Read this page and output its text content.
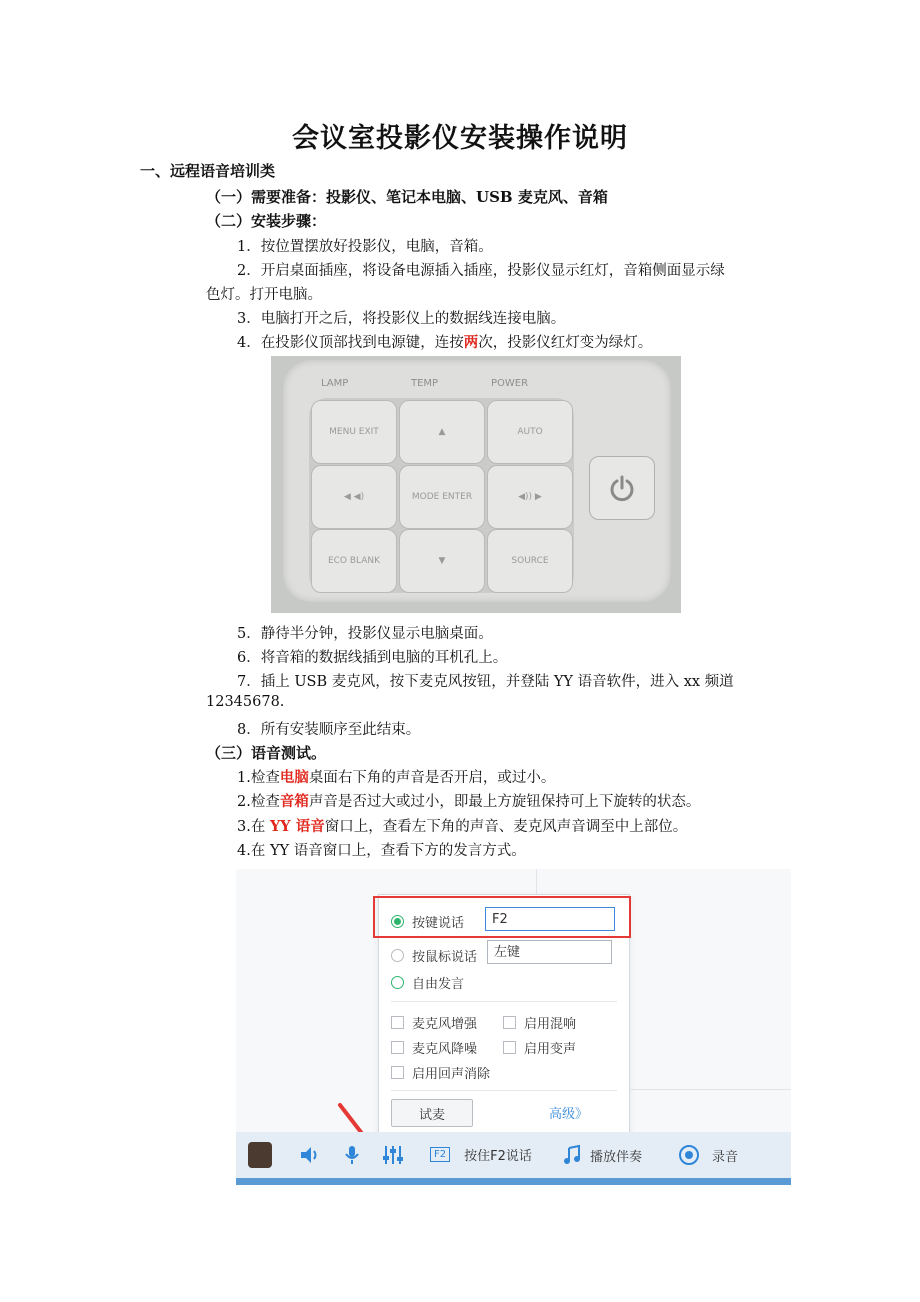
会议室投影仪安装操作说明
一、远程语音培训类
（一）需要准备：投影仪、笔记本电脑、USB 麦克风、音箱
（二）安装步骤：
1．按位置摆放好投影仪，电脑，音箱。
2．开启桌面插座，将设备电源插入插座，投影仪显示红灯，音箱侧面显示绿
色灯。打开电脑。
3．电脑打开之后，将投影仪上的数据线连接电脑。
4．在投影仪顶部找到电源键，连按两次，投影仪红灯变为绿灯。
LAMP	TEMP	POWER
MENU EXIT	▲	AUTO
◀ ◀)	MODE ENTER	◀)) ▶
ECO BLANK	▼	SOURCE
5．静待半分钟，投影仪显示电脑桌面。
6．将音箱的数据线插到电脑的耳机孔上。
7．插上 USB 麦克风，按下麦克风按钮，并登陆 YY 语音软件，进入 xx 频道
12345678.
8．所有安装顺序至此结束。
（三）语音测试。
1.检查电脑桌面右下角的声音是否开启，或过小。
2.检查音箱声音是否过大或过小，即最上方旋钮保持可上下旋转的状态。
3.在 YY 语音窗口上，查看左下角的声音、麦克风声音调至中上部位。
4.在 YY 语音窗口上，查看下方的发言方式。
按键说话	F2
按鼠标说话	左键
自由发言
麦克风增强	启用混响
麦克风降噪	启用变声
启用回声消除
试麦	高级》
F2	按住F2说话	播放伴奏	录音
